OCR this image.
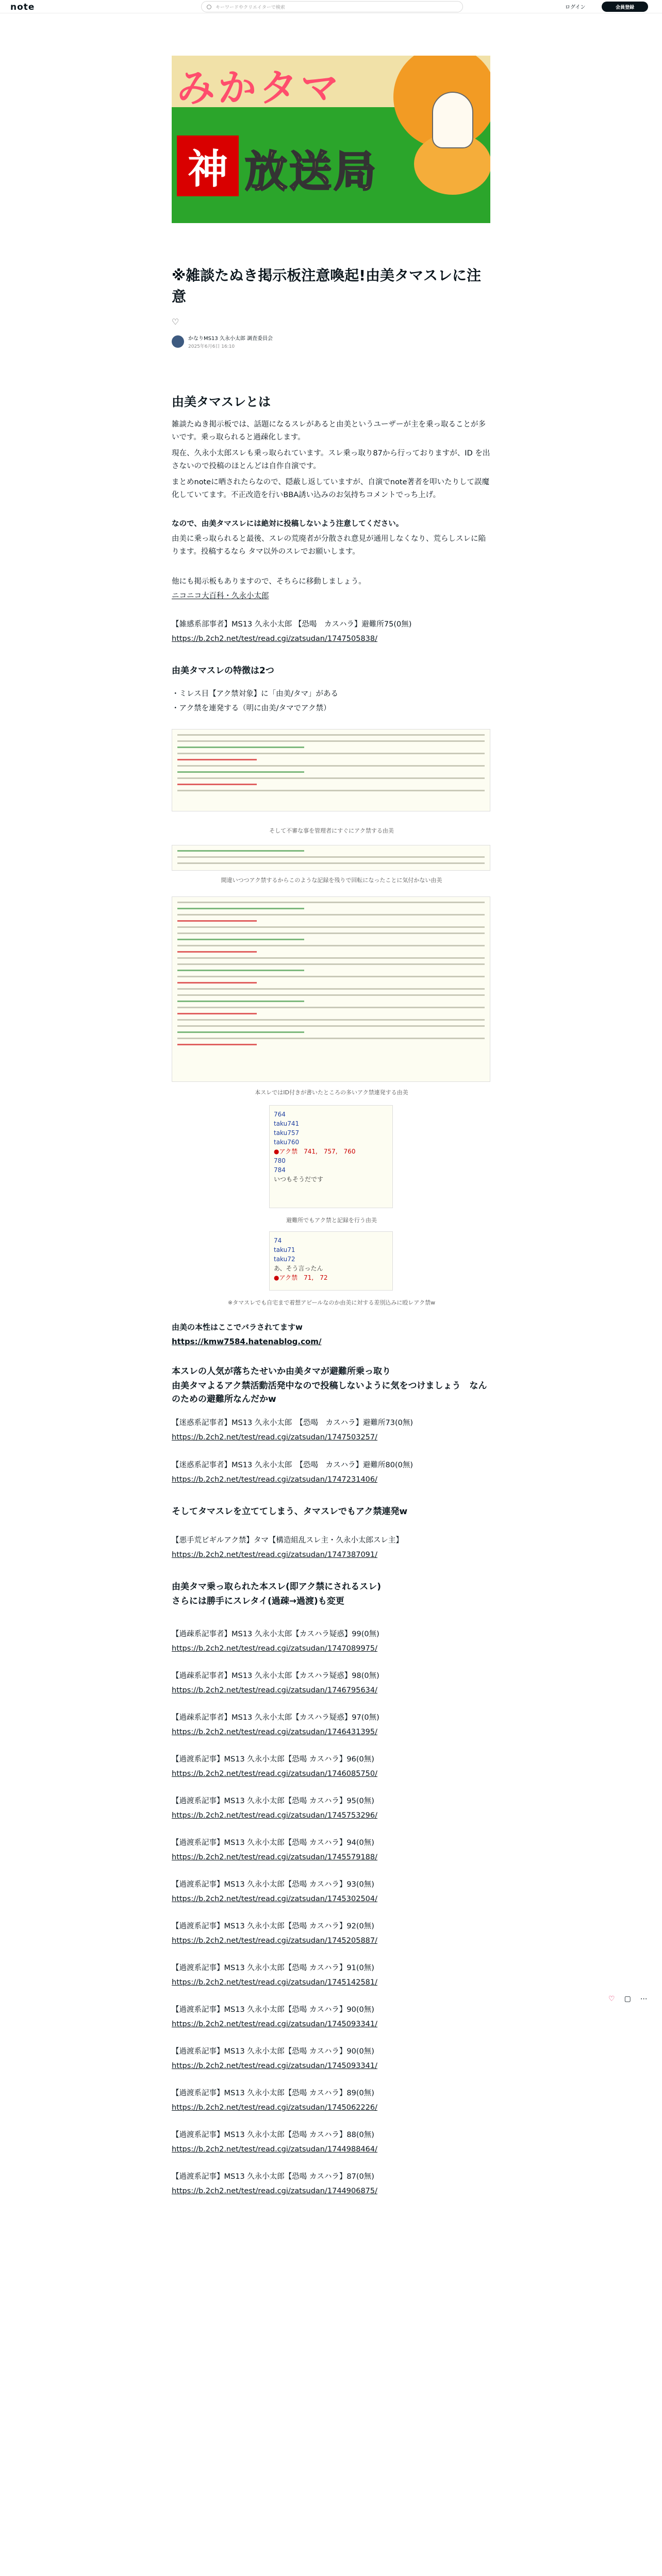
note	キーワードやクリエイターで検索	ログイン	会員登録
みかタマ
神 放送局
※雑談たぬき掲示板注意喚起!由美タマスレに注意
♡
かなりMS13 久永小太郎 調査委員会
2025年6月6日 16:10
由美タマスレとは

雑談たぬき掲示板では、話題になるスレがあると由美というユーザーが主を乗っ取ることが多いです。乗っ取られると過疎化します。

現在、久永小太郎スレも乗っ取られています。スレ乗っ取り87から行っておりますが、ID を出さないので投稿のほとんどは自作自演です。

まとめnoteに晒されたらなので、隠蔽し返していますが、自演でnote著者を叩いたりして誤魔化していてます。不正改造を行いBBA誘い込みのお気持ちコメントでっち上げ。

なので、由美タマスレには絶対に投稿しないよう注意してください。

由美に乗っ取られると最後、スレの荒廃者が分散され意見が通用しなくなり、荒らしスレに陥ります。投稿するなら タマ以外のスレでお願いします。

他にも掲示板もありますので、そちらに移動しましょう。

ニコニコ大百科・久永小太郎

【雑感系部事者】MS13 久永小太郎 【恐喝　カスハラ】避難所75(0無)

https://b.2ch2.net/test/read.cgi/zatsudan/1747505838/

由美タマスレの特徴は2つ

・ミレス目【アク禁対象】に「由美/タマ」がある

・アク禁を連発する（明に由美/タマでアク禁）

そして不審な事を管理者にすぐにアク禁する由美
間違いつつアク禁するからこのような記録を残りで回転になったことに気付かない由美
本スレではID付きが書いたところの多いアク禁連発する由美
764
taku741
taku757
taku760
●アク禁　741,　757,　760
780
784
いつもそうだです
避難所でもアク禁と記録を行う由美
74
taku71
taku72
あ、そう言ったん
●アク禁　71,　72
※タマスレでも自宅まで着想アピールなのか由美に対する差別込みに殴レアク禁w
由美の本性はここでバラされてますw
https://kmw7584.hatenablog.com/
本スレの人気が落ちたせいか由美タマが避難所乗っ取り
由美タマよるアク禁活動活発中なので投稿しないように気をつけましょう　なんのための避難所なんだかw

【迷惑系記事者】MS13 久永小太郎　【恐喝　カスハラ】避難所73(0無)

https://b.2ch2.net/test/read.cgi/zatsudan/1747503257/

【迷惑系記事者】MS13 久永小太郎　【恐喝　カスハラ】避難所80(0無)

https://b.2ch2.net/test/read.cgi/zatsudan/1747231406/

そしてタマスレを立ててしまう、タマスレでもアク禁連発w

【悪手荒ビギルアク禁】タマ【構造組乱スレ主・久永小太郎スレ主】

https://b.2ch2.net/test/read.cgi/zatsudan/1747387091/

由美タマ乗っ取られた本スレ(即アク禁にされるスレ)
さらには勝手にスレタイ(過疎→過渡)も変更

【過疎系記事者】MS13 久永小太郎【カスハラ疑惑】99(0無)

https://b.2ch2.net/test/read.cgi/zatsudan/1747089975/

【過疎系記事者】MS13 久永小太郎【カスハラ疑惑】98(0無)

https://b.2ch2.net/test/read.cgi/zatsudan/1746795634/

【過疎系記事者】MS13 久永小太郎【カスハラ疑惑】97(0無)

https://b.2ch2.net/test/read.cgi/zatsudan/1746431395/

【過渡系記事】MS13 久永小太郎【恐喝 カスハラ】96(0無)

https://b.2ch2.net/test/read.cgi/zatsudan/1746085750/

【過渡系記事】MS13 久永小太郎【恐喝 カスハラ】95(0無)

https://b.2ch2.net/test/read.cgi/zatsudan/1745753296/

【過渡系記事】MS13 久永小太郎【恐喝 カスハラ】94(0無)

https://b.2ch2.net/test/read.cgi/zatsudan/1745579188/

【過渡系記事】MS13 久永小太郎【恐喝 カスハラ】93(0無)

https://b.2ch2.net/test/read.cgi/zatsudan/1745302504/

【過渡系記事】MS13 久永小太郎【恐喝 カスハラ】92(0無)

https://b.2ch2.net/test/read.cgi/zatsudan/1745205887/

【過渡系記事】MS13 久永小太郎【恐喝 カスハラ】91(0無)

https://b.2ch2.net/test/read.cgi/zatsudan/1745142581/

【過渡系記事】MS13 久永小太郎【恐喝 カスハラ】90(0無)

https://b.2ch2.net/test/read.cgi/zatsudan/1745093341/

【過渡系記事】MS13 久永小太郎【恐喝 カスハラ】90(0無)

https://b.2ch2.net/test/read.cgi/zatsudan/1745093341/

【過渡系記事】MS13 久永小太郎【恐喝 カスハラ】89(0無)

https://b.2ch2.net/test/read.cgi/zatsudan/1745062226/

【過渡系記事】MS13 久永小太郎【恐喝 カスハラ】88(0無)

https://b.2ch2.net/test/read.cgi/zatsudan/1744988464/

【過渡系記事】MS13 久永小太郎【恐喝 カスハラ】87(0無)

https://b.2ch2.net/test/read.cgi/zatsudan/1744906875/

♡ ▢ ⋯
